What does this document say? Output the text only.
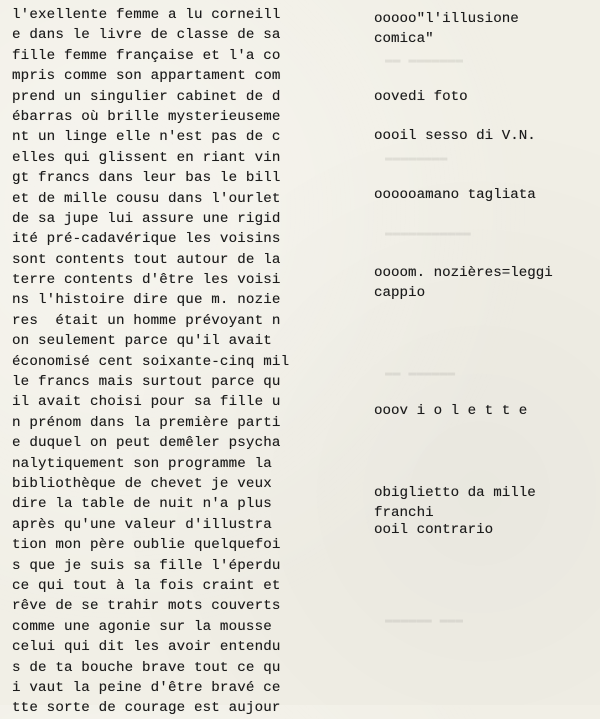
l'exellente femme a lu corneill
e dans le livre de classe de sa
fille femme française et l'a co
mpris comme son appartament com
prend un singulier cabinet de d
ébarras où brille mysterieuseme
nt un linge elle n'est pas de c
elles qui glissent en riant vin
gt francs dans leur bas le bill
et de mille cousu dans l'ourlet
de sa jupe lui assure une rigid
ité pré-cadavérique les voisins
sont contents tout autour de la
terre contents d'être les voisi
ns l'histoire dire que m. nozie
res  était un homme prévoyant n
on seulement parce qu'il avait
économisé cent soixante-cinq mil
le francs mais surtout parce qu
il avait choisi pour sa fille u
n prénom dans la première parti
e duquel on peut demêler psycha
nalytiquement son programme la
bibliothèque de chevet je veux
dire la table de nuit n'a plus
après qu'une valeur d'illustra
tion mon père oublie quelquefoi
s que je suis sa fille l'éperdu
ce qui tout à la fois craint et
rêve de se trahir mots couverts
comme une agonie sur la mousse
celui qui dit les avoir entendu
s de ta bouche brave tout ce qu
i vaut la peine d'être bravé ce
tte sorte de courage est aujour
ooooo"l'illusione
comica"
oovedi foto
oooil sesso di V.N.
oooooamano tagliata
oooom. nozières=leggi
cappio
ooov i o l e t t e
obiglietto da mille
franchi
ooil contrario
▬▬ ▬▬▬▬▬▬▬
▬▬▬▬▬▬▬▬
▬▬▬▬▬▬▬▬▬▬▬
▬▬ ▬▬▬▬▬▬
▬▬▬▬▬▬ ▬▬▬
